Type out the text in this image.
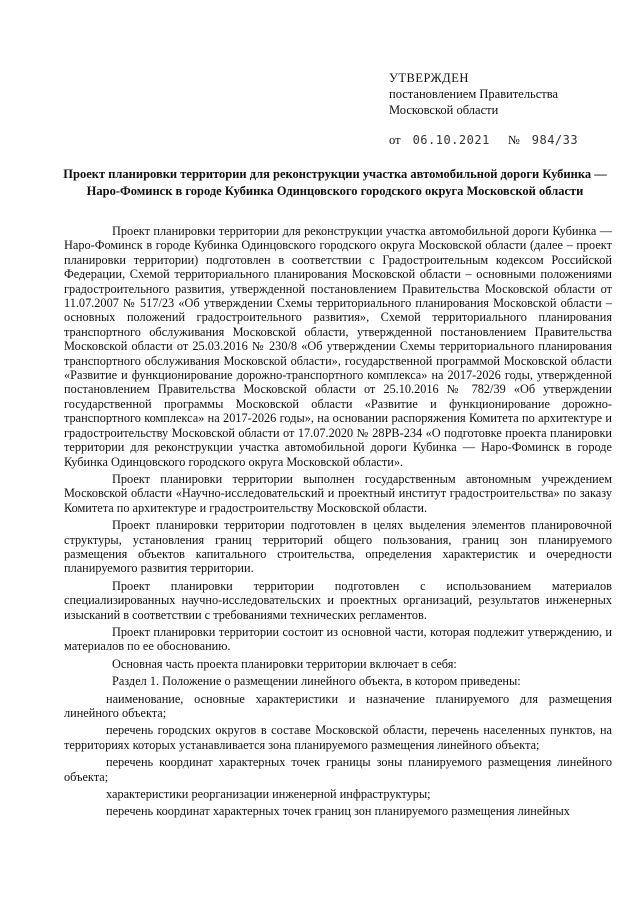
УТВЕРЖДЕН
постановлением Правительства
Московской области
от 06.10.2021 № 984/33
Проект планировки территории для реконструкции участка автомобильной дороги Кубинка — Наро-Фоминск в городе Кубинка Одинцовского городского округа Московской области

Проект планировки территории для реконструкции участка автомобильной дороги Кубинка — Наро-Фоминск в городе Кубинка Одинцовского городского округа Московской области (далее – проект планировки территории) подготовлен в соответствии с Градостроительным кодексом Российской Федерации, Схемой территориального планирования Московской области – основными положениями градостроительного развития, утвержденной постановлением Правительства Московской области от 11.07.2007 № 517/23 «Об утверждении Схемы территориального планирования Московской области – основных положений градостроительного развития», Схемой территориального планирования транспортного обслуживания Московской области, утвержденной постановлением Правительства Московской области от 25.03.2016 № 230/8 «Об утверждении Схемы территориального планирования транспортного обслуживания Московской области», государственной программой Московской области «Развитие и функционирование дорожно-транспортного комплекса» на 2017-2026 годы, утвержденной постановлением Правительства Московской области от 25.10.2016 № 782/39 «Об утверждении государственной программы Московской области «Развитие и функционирование дорожно-транспортного комплекса» на 2017-2026 годы», на основании распоряжения Комитета по архитектуре и градостроительству Московской области от 17.07.2020 № 28РВ-234 «О подготовке проекта планировки территории для реконструкции участка автомобильной дороги Кубинка — Наро-Фоминск в городе Кубинка Одинцовского городского округа Московской области».

Проект планировки территории выполнен государственным автономным учреждением Московской области «Научно-исследовательский и проектный институт градостроительства» по заказу Комитета по архитектуре и градостроительству Московской области.

Проект планировки территории подготовлен в целях выделения элементов планировочной структуры, установления границ территорий общего пользования, границ зон планируемого размещения объектов капитального строительства, определения характеристик и очередности планируемого развития территории.

Проект планировки территории подготовлен с использованием материалов специализированных научно-исследовательских и проектных организаций, результатов инженерных изысканий в соответствии с требованиями технических регламентов.

Проект планировки территории состоит из основной части, которая подлежит утверждению, и материалов по ее обоснованию.

Основная часть проекта планировки территории включает в себя:

Раздел 1. Положение о размещении линейного объекта, в котором приведены:

наименование, основные характеристики и назначение планируемого для размещения линейного объекта;

перечень городских округов в составе Московской области, перечень населенных пунктов, на территориях которых устанавливается зона планируемого размещения линейного объекта;

перечень координат характерных точек границы зоны планируемого размещения линейного объекта;

характеристики реорганизации инженерной инфраструктуры;

перечень координат характерных точек границ зон планируемого размещения линейных
